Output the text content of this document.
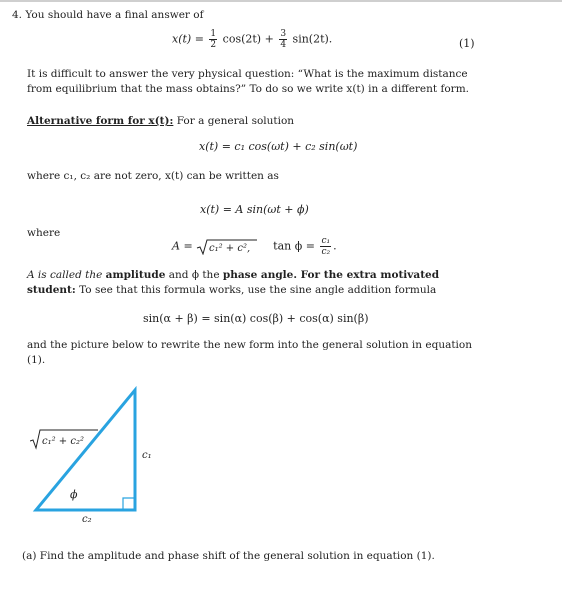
4. You should have a final answer of
$x(t) = \frac{1}{2} \cos(2t) + \frac{3}{4} \sin(2t)$.	(1)
It is difficult to answer the very physical question: “What is the maximum distance
from equilibrium that the mass obtains?” To do so we write x(t) in a different form.
Alternative form for x(t): For a general solution
x(t) = c₁ cos(ωt) + c₂ sin(ωt)
where c₁, c₂ are not zero, x(t) can be written as
x(t) = A sin(ωt + ϕ)
where
A = c₁² + c², $\tan \phi = \frac{\text{c₁}}{\text{c₂}}$ .
A is called the amplitude and ϕ the phase angle. For the extra motivated
student: To see that this formula works, use the sine angle addition formula
sin(α + β) = sin(α) cos(β) + cos(α) sin(β)
and the picture below to rewrite the new form into the general solution in equation
(1).
ϕ
c₁
c₂
c₁² + c₂²
(a) Find the amplitude and phase shift of the general solution in equation (1).
